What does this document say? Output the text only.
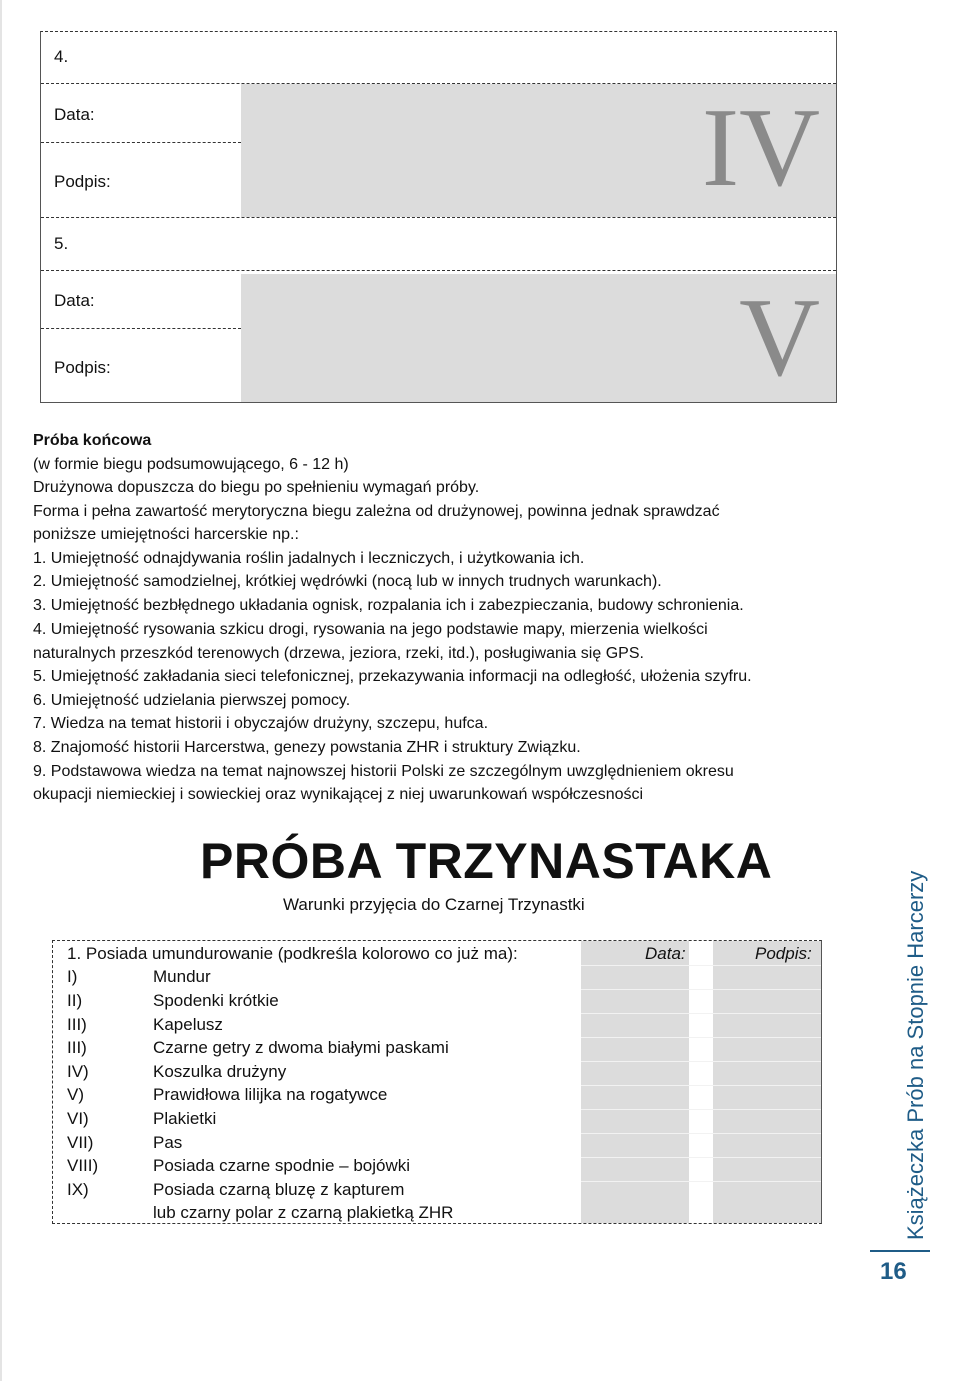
IV
4.
Data:
Podpis:
5.
V
Data:
Podpis:
Próba końcowa
(w formie biegu podsumowującego, 6 - 12 h)
Drużynowa dopuszcza do biegu po spełnieniu wymagań próby.
Forma i pełna zawartość merytoryczna biegu zależna od drużynowej, powinna jednak sprawdzać
poniższe umiejętności harcerskie np.:
1. Umiejętność odnajdywania roślin jadalnych i leczniczych, i użytkowania ich.
2. Umiejętność samodzielnej, krótkiej wędrówki (nocą lub w innych trudnych warunkach).
3. Umiejętność bezbłędnego układania ognisk, rozpalania ich i zabezpieczania, budowy schronienia.
4. Umiejętność rysowania szkicu drogi, rysowania na jego podstawie mapy, mierzenia wielkości
naturalnych przeszkód terenowych (drzewa, jeziora, rzeki, itd.), posługiwania się GPS.
5. Umiejętność zakładania sieci telefonicznej, przekazywania informacji na odległość, ułożenia szyfru.
6. Umiejętność udzielania pierwszej pomocy.
7. Wiedza na temat historii i obyczajów drużyny, szczepu, hufca.
8. Znajomość historii Harcerstwa, genezy powstania ZHR i struktury Związku.
9. Podstawowa wiedza na temat najnowszej historii Polski ze szczególnym uwzględnieniem okresu
okupacji niemieckiej i sowieckiej oraz wynikającej z niej uwarunkowań współczesności
PRÓBA TRZYNASTAKA
Warunki przyjęcia do Czarnej Trzynastki
1. Posiada umundurowanie (podkreśla kolorowo co już ma):	Data:	Podpis:
I)	Mundur
II)	Spodenki krótkie
III)	Kapelusz
III)	Czarne getry z dwoma białymi paskami
IV)	Koszulka drużyny
V)	Prawidłowa lilijka na rogatywce
VI)	Plakietki
VII)	Pas
VIII)	Posiada czarne spodnie – bojówki
IX)	Posiada czarną bluzę z kapturem
lub czarny polar z czarną plakietką ZHR	Książeczka Prób na Stopnie Harcerzy
16
